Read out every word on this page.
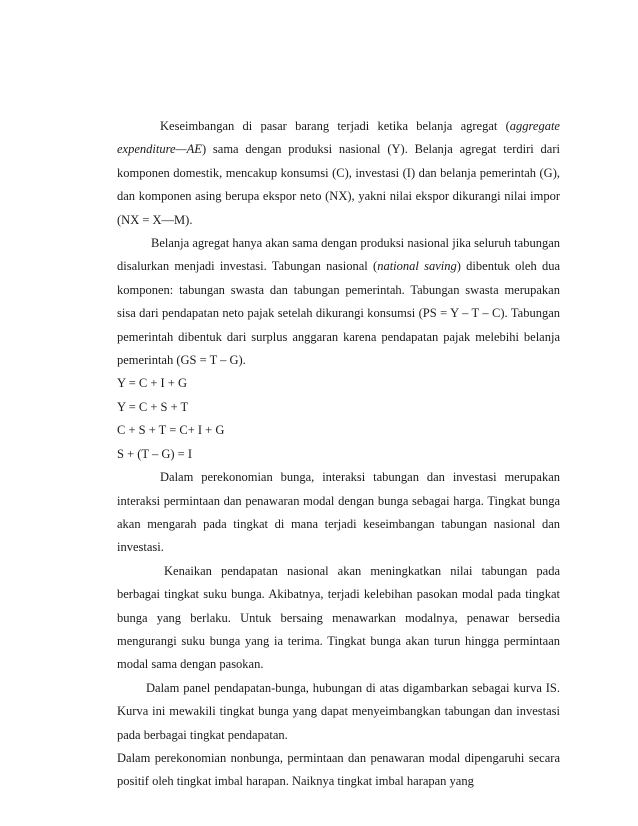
Keseimbangan di pasar barang terjadi ketika belanja agregat (aggregate expenditure—AE) sama dengan produksi nasional (Y). Belanja agregat terdiri dari komponen domestik, mencakup konsumsi (C), investasi (I) dan belanja pemerintah (G), dan komponen asing berupa ekspor neto (NX), yakni nilai ekspor dikurangi nilai impor (NX = X—M).

Belanja agregat hanya akan sama dengan produksi nasional jika seluruh tabungan disalurkan menjadi investasi. Tabungan nasional (national saving) dibentuk oleh dua komponen: tabungan swasta dan tabungan pemerintah. Tabungan swasta merupakan sisa dari pendapatan neto pajak setelah dikurangi konsumsi (PS = Y – T – C). Tabungan pemerintah dibentuk dari surplus anggaran karena pendapatan pajak melebihi belanja pemerintah (GS = T – G).

Y = C + I + G

Y = C + S + T

C + S + T = C+ I + G

S + (T – G) = I

Dalam perekonomian bunga, interaksi tabungan dan investasi merupakan interaksi permintaan dan penawaran modal dengan bunga sebagai harga. Tingkat bunga akan mengarah pada tingkat di mana terjadi keseimbangan tabungan nasional dan investasi.

Kenaikan pendapatan nasional akan meningkatkan nilai tabungan pada berbagai tingkat suku bunga. Akibatnya, terjadi kelebihan pasokan modal pada tingkat bunga yang berlaku. Untuk bersaing menawarkan modalnya, penawar bersedia mengurangi suku bunga yang ia terima. Tingkat bunga akan turun hingga permintaan modal sama dengan pasokan.

Dalam panel pendapatan-bunga, hubungan di atas digambarkan sebagai kurva IS. Kurva ini mewakili tingkat bunga yang dapat menyeimbangkan tabungan dan investasi pada berbagai tingkat pendapatan.

Dalam perekonomian nonbunga, permintaan dan penawaran modal dipengaruhi secara positif oleh tingkat imbal harapan. Naiknya tingkat imbal harapan yang
